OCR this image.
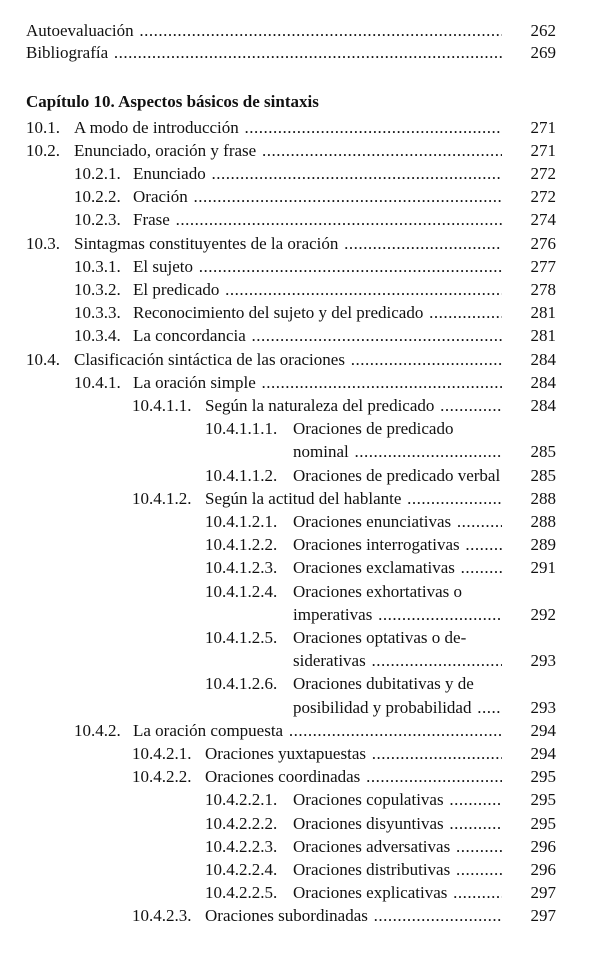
Autoevaluación .....	262
Bibliografía .....	269
Capítulo 10. Aspectos básicos de sintaxis
10.1. A modo de introducción .....	271
10.2. Enunciado, oración y frase .....	271
10.2.1. Enunciado .....	272
10.2.2. Oración .....	272
10.2.3. Frase .....	274
10.3. Sintagmas constituyentes de la oración .....	276
10.3.1. El sujeto .....	277
10.3.2. El predicado .....	278
10.3.3. Reconocimiento del sujeto y del predicado .....	281
10.3.4. La concordancia .....	281
10.4. Clasificación sintáctica de las oraciones .....	284
10.4.1. La oración simple .....	284
10.4.1.1. Según la naturaleza del predicado .....	284
10.4.1.1.1. Oraciones de predicado
nominal .....	285
10.4.1.1.2. Oraciones de predicado verbal .....	285
10.4.1.2. Según la actitud del hablante .....	288
10.4.1.2.1. Oraciones enunciativas .....	288
10.4.1.2.2. Oraciones interrogativas .....	289
10.4.1.2.3. Oraciones exclamativas .....	291
10.4.1.2.4. Oraciones exhortativas o
imperativas .....	292
10.4.1.2.5. Oraciones optativas o de-
siderativas .....	293
10.4.1.2.6. Oraciones dubitativas y de
posibilidad y probabilidad .....	293
10.4.2. La oración compuesta .....	294
10.4.2.1. Oraciones yuxtapuestas .....	294
10.4.2.2. Oraciones coordinadas .....	295
10.4.2.2.1. Oraciones copulativas .....	295
10.4.2.2.2. Oraciones disyuntivas .....	295
10.4.2.2.3. Oraciones adversativas .....	296
10.4.2.2.4. Oraciones distributivas .....	296
10.4.2.2.5. Oraciones explicativas .....	297
10.4.2.3. Oraciones subordinadas .....	297
